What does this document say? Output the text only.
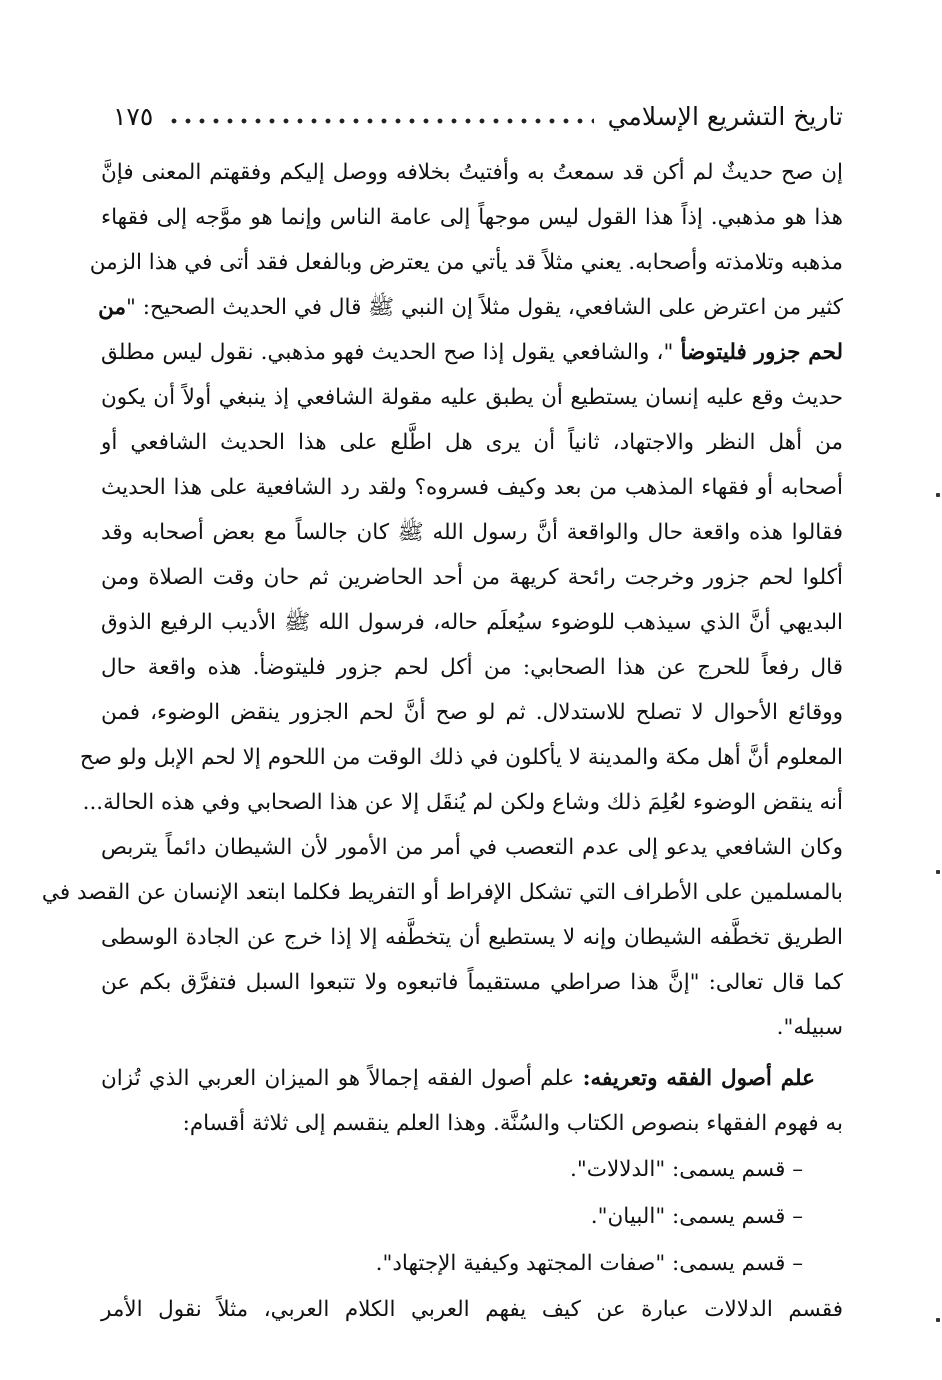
تاريخ التشريع الإسلامي
١٧٥
إن صح حديثٌ لم أكن قد سمعتُ به وأفتيتُ بخلافه ووصل إليكم وفقهتم المعنى فإنَّ
هذا هو مذهبي. إذاً هذا القول ليس موجهاً إلى عامة الناس وإنما هو موَّجه إلى فقهاء
مذهبه وتلامذته وأصحابه. يعني مثلاً قد يأتي من يعترض وبالفعل فقد أتى في هذا الزمن
كثير من اعترض على الشافعي، يقول مثلاً إن النبي ﷺ قال في الحديث الصحيح: "من
لحم جزور فليتوضأ "، والشافعي يقول إذا صح الحديث فهو مذهبي. نقول ليس مطلق
حديث وقع عليه إنسان يستطيع أن يطبق عليه مقولة الشافعي إذ ينبغي أولاً أن يكون
من أهل النظر والاجتهاد، ثانياً أن يرى هل اطَّلع على هذا الحديث الشافعي أو
أصحابه أو فقهاء المذهب من بعد وكيف فسروه؟ ولقد رد الشافعية على هذا الحديث
فقالوا هذه واقعة حال والواقعة أنَّ رسول الله ﷺ كان جالساً مع بعض أصحابه وقد
أكلوا لحم جزور وخرجت رائحة كريهة من أحد الحاضرين ثم حان وقت الصلاة ومن
البديهي أنَّ الذي سيذهب للوضوء سيُعلَم حاله، فرسول الله ﷺ الأديب الرفيع الذوق
قال رفعاً للحرج عن هذا الصحابي: من أكل لحم جزور فليتوضأ. هذه واقعة حال
ووقائع الأحوال لا تصلح للاستدلال. ثم لو صح أنَّ لحم الجزور ينقض الوضوء، فمن
المعلوم أنَّ أهل مكة والمدينة لا يأكلون في ذلك الوقت من اللحوم إلا لحم الإبل ولو صح
أنه ينقض الوضوء لعُلِمَ ذلك وشاع ولكن لم يُنقَل إلا عن هذا الصحابي وفي هذه الحالة...
وكان الشافعي يدعو إلى عدم التعصب في أمر من الأمور لأن الشيطان دائماً يتربص
بالمسلمين على الأطراف التي تشكل الإفراط أو التفريط فكلما ابتعد الإنسان عن القصد في
الطريق تخطَّفه الشيطان وإنه لا يستطيع أن يتخطَّفه إلا إذا خرج عن الجادة الوسطى
كما قال تعالى: "إنَّ هذا صراطي مستقيماً فاتبعوه ولا تتبعوا السبل فتفرَّق بكم عن
سبيله".
علم أصول الفقه وتعريفه: علم أصول الفقه إجمالاً هو الميزان العربي الذي تُزان
به فهوم الفقهاء بنصوص الكتاب والسُنَّة. وهذا العلم ينقسم إلى ثلاثة أقسام:
– قسم يسمى: "الدلالات".
– قسم يسمى: "البيان".
– قسم يسمى: "صفات المجتهد وكيفية الإجتهاد".
فقسم الدلالات عبارة عن كيف يفهم العربي الكلام العربي، مثلاً نقول الأمر
